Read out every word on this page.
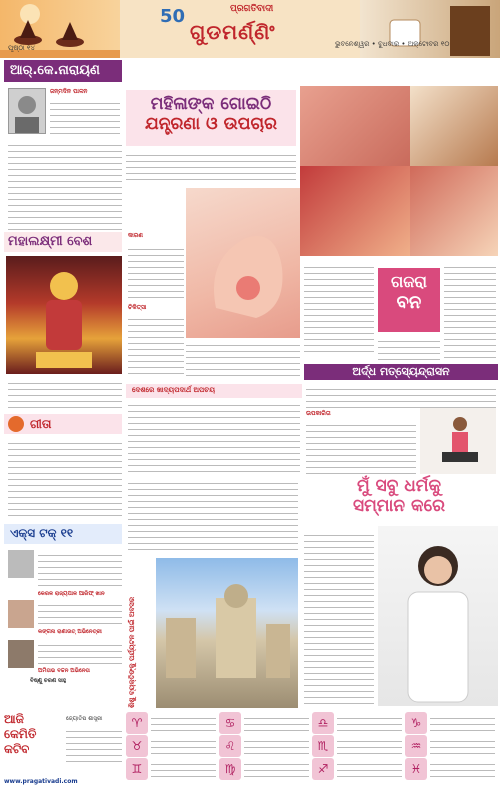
50	ପ୍ରଗତିବାଦୀ
ଗୁଡମର୍ଣ୍ଣିଂ	ଭୁବନେଶ୍ୱର • ବୁଧବାର • ଅକ୍ଟୋବର ୧୦
ପୃଷ୍ଠା ୧୪
ଆର୍.କେ.ନାରାୟଣ
ଜନ୍ମଦିନ ପାଳନ
ମହାଲକ୍ଷ୍ମୀ ବେଶ
ଗୀତା
ଏକ୍ସ ଟକ୍ ୧୧
କେରଳ ରାଜ୍ୟପାଳ ଆରିଫ୍ ଖାନ
କଙ୍ଗନା ରାଣାଉତ୍ ଅଭିନେତ୍ରୀ
ଅମିତାଭ ବଚ୍ଚନ ଅଭିନେତା
ବିଷ୍ଣୁ ଚରଣ ସାହୁ
ମହିଳାଙ୍କ ଗୋଇଠି
ଯନ୍ତ୍ରଣା ଓ ଉପଚାର
କାରଣ
ଚିକିତ୍ସା
ଦେଶରେ ଖାଦ୍ୟପଦାର୍ଥ ଅପଚୟ
ଗଜରା
ବନ
ଅର୍ଦ୍ଧ ମତ୍ସ୍ୟେନ୍ଦ୍ରାସନ
ଉପକାରିତା
ମୁଁ ସବୁ ଧର୍ମକୁ
ସମ୍ମାନ କରେ
ଶିଶୁ ବ୍ୟକ୍ତିଙ୍କୁ ପର୍ଯ୍ୟଟନ ପାଇଁ ଅବସର
ଆଜି
କେମିତି
କଟିବ
ଜ୍ୟୋତିଷ ଶାସ୍ତ୍ରୀ	♈
♉
♊
♋
♌
♍
♎
♏
♐
♑
♒
♓
www.pragativadi.com
